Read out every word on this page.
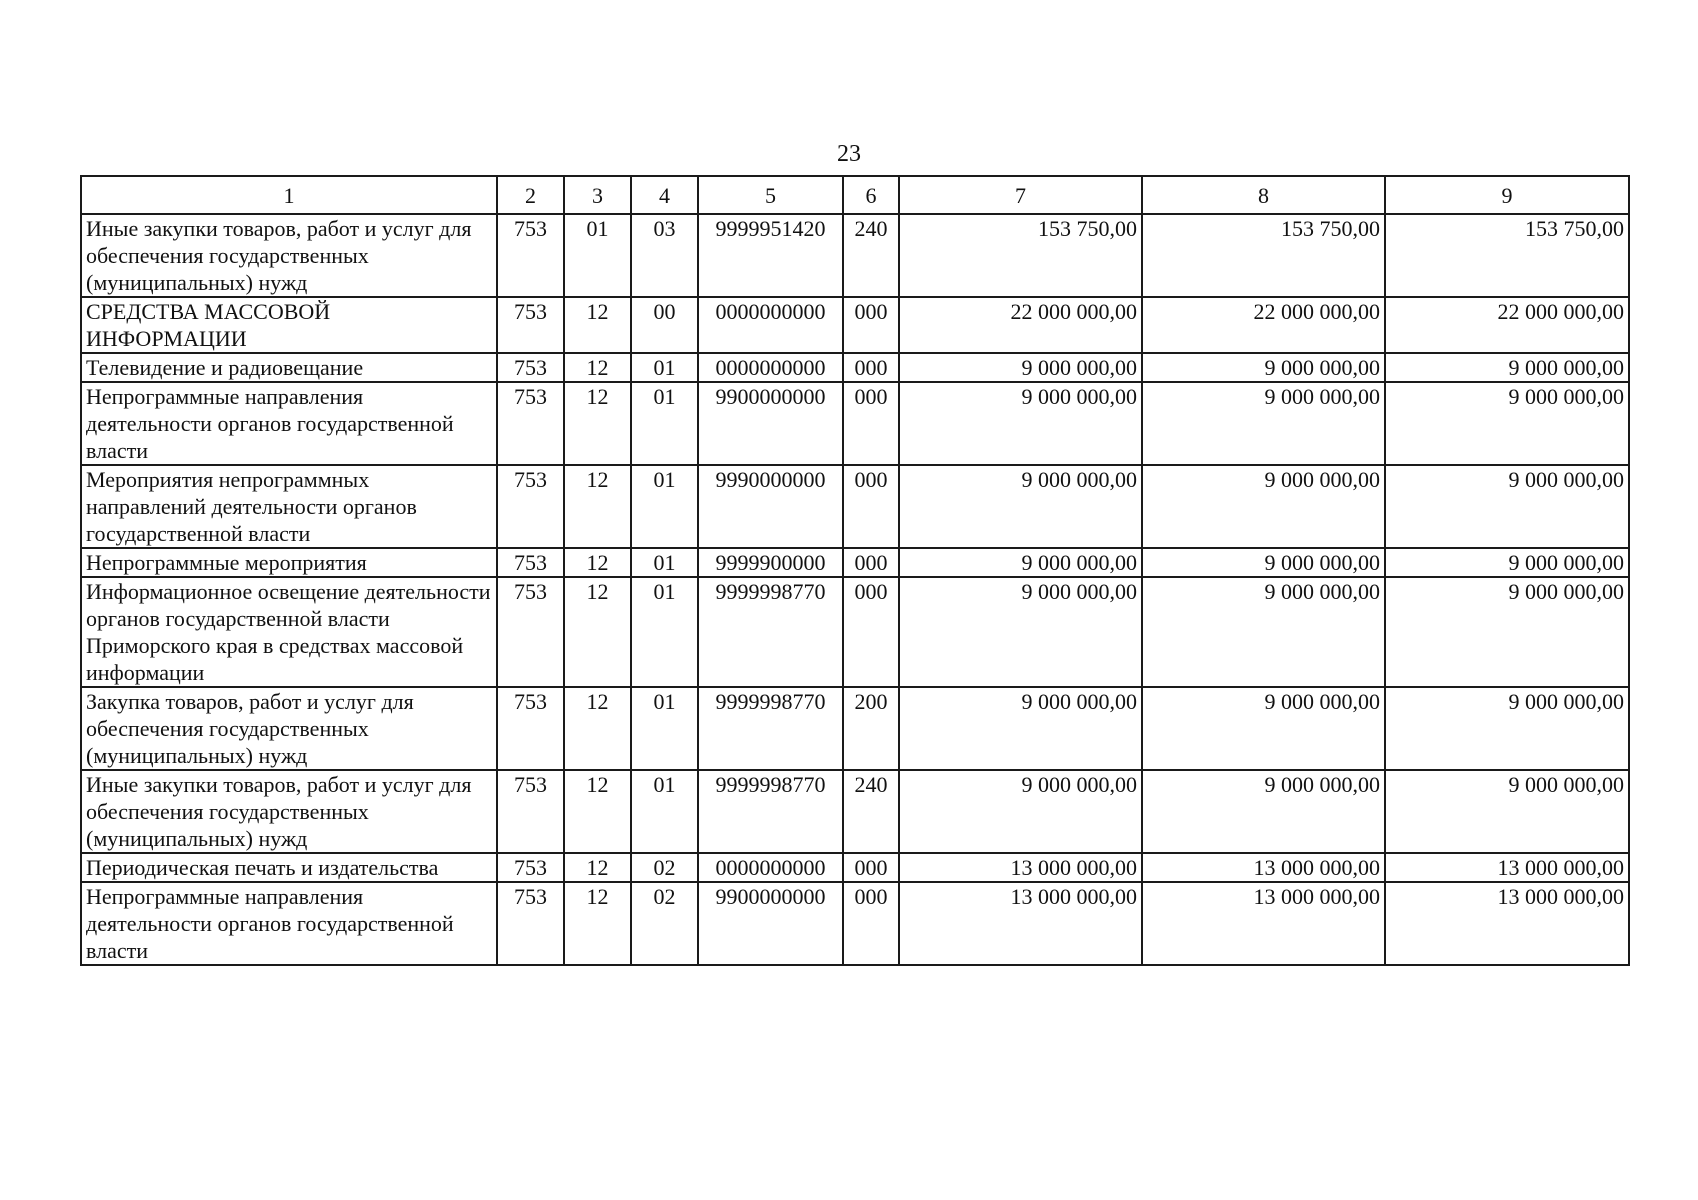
23
1	2	3	4	5	6	7	8	9
Иные закупки товаров, работ и услуг для обеспечения государственных (муниципальных) нужд	753	01	03	9999951420	240	153 750,00	153 750,00	153 750,00
СРЕДСТВА МАССОВОЙ ИНФОРМАЦИИ	753	12	00	0000000000	000	22 000 000,00	22 000 000,00	22 000 000,00
Телевидение и радиовещание	753	12	01	0000000000	000	9 000 000,00	9 000 000,00	9 000 000,00
Непрограммные направления деятельности органов государственной власти	753	12	01	9900000000	000	9 000 000,00	9 000 000,00	9 000 000,00
Мероприятия непрограммных направлений деятельности органов государственной власти	753	12	01	9990000000	000	9 000 000,00	9 000 000,00	9 000 000,00
Непрограммные мероприятия	753	12	01	9999900000	000	9 000 000,00	9 000 000,00	9 000 000,00
Информационное освещение деятельности органов государственной власти Приморского края в средствах массовой информации	753	12	01	9999998770	000	9 000 000,00	9 000 000,00	9 000 000,00
Закупка товаров, работ и услуг для обеспечения государственных (муниципальных) нужд	753	12	01	9999998770	200	9 000 000,00	9 000 000,00	9 000 000,00
Иные закупки товаров, работ и услуг для обеспечения государственных (муниципальных) нужд	753	12	01	9999998770	240	9 000 000,00	9 000 000,00	9 000 000,00
Периодическая печать и издательства	753	12	02	0000000000	000	13 000 000,00	13 000 000,00	13 000 000,00
Непрограммные направления деятельности органов государственной власти	753	12	02	9900000000	000	13 000 000,00	13 000 000,00	13 000 000,00
